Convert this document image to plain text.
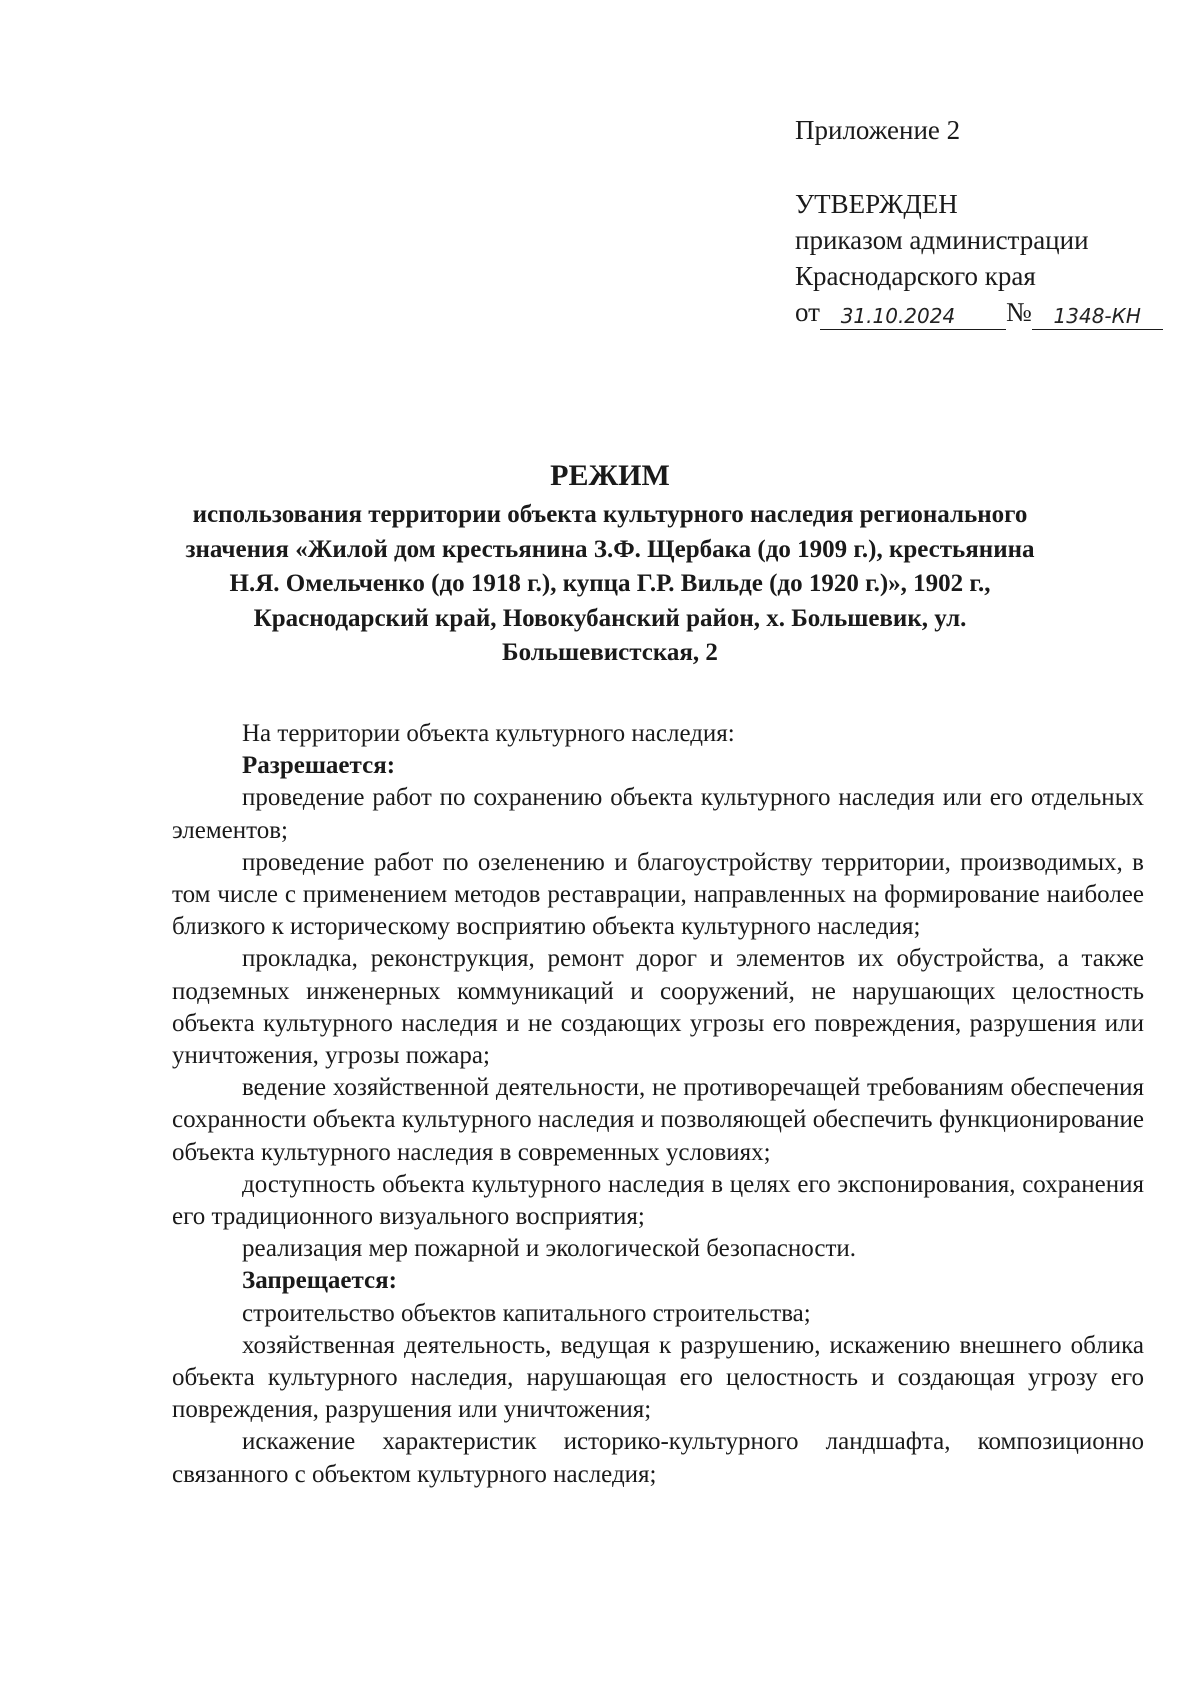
Приложение 2
УТВЕРЖДЕН
приказом администрации
Краснодарского края
от	31.10.2024	№	1348-КН
РЕЖИМ
использования территории объекта культурного наследия регионального значения «Жилой дом крестьянина З.Ф. Щербака (до 1909 г.), крестьянина Н.Я. Омельченко (до 1918 г.), купца Г.Р. Вильде (до 1920 г.)», 1902 г., Краснодарский край, Новокубанский район, х. Большевик, ул. Большевистская, 2

На территории объекта культурного наследия:

Разрешается:

проведение работ по сохранению объекта культурного наследия или его отдельных элементов;

проведение работ по озеленению и благоустройству территории, производимых, в том числе с применением методов реставрации, направленных на формирование наиболее близкого к историческому восприятию объекта культурного наследия;

прокладка, реконструкция, ремонт дорог и элементов их обустройства, а также подземных инженерных коммуникаций и сооружений, не нарушающих целостность объекта культурного наследия и не создающих угрозы его повреждения, разрушения или уничтожения, угрозы пожара;

ведение хозяйственной деятельности, не противоречащей требованиям обеспечения сохранности объекта культурного наследия и позволяющей обеспечить функционирование объекта культурного наследия в современных условиях;

доступность объекта культурного наследия в целях его экспонирования, сохранения его традиционного визуального восприятия;

реализация мер пожарной и экологической безопасности.

Запрещается:

строительство объектов капитального строительства;

хозяйственная деятельность, ведущая к разрушению, искажению внешнего облика объекта культурного наследия, нарушающая его целостность и создающая угрозу его повреждения, разрушения или уничтожения;

искажение характеристик историко-культурного ландшафта, композиционно связанного с объектом культурного наследия;
